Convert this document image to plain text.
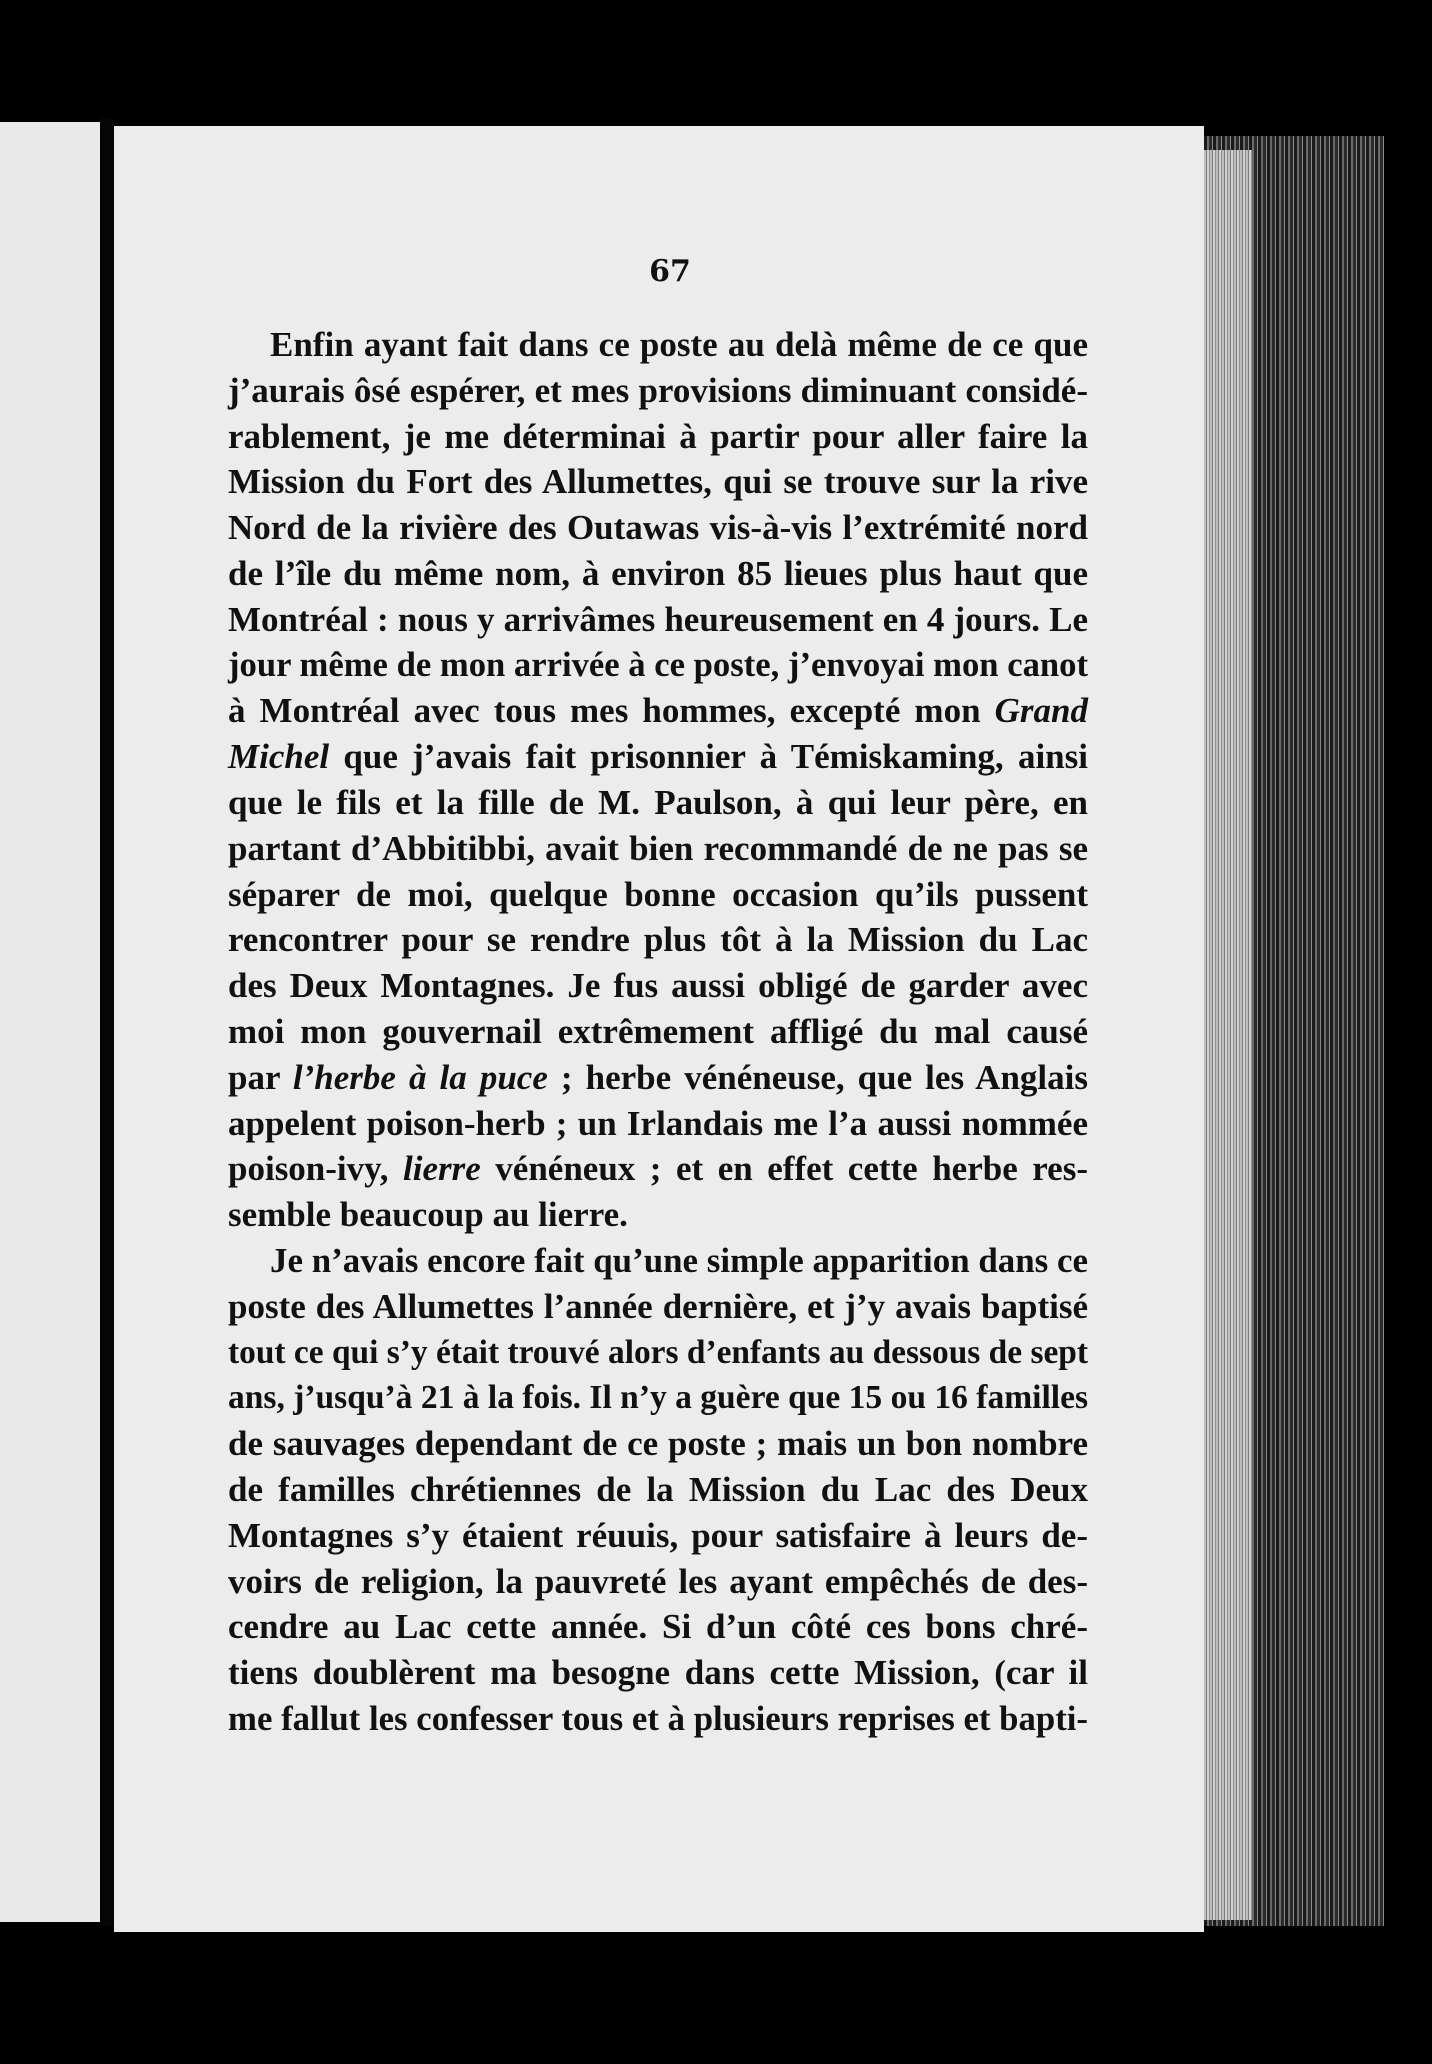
67
Enfin ayant fait dans ce poste au delà même de ce que
j’aurais ôsé espérer, et mes provisions diminuant considé-
rablement, je me déterminai à partir pour aller faire la
Mission du Fort des Allumettes, qui se trouve sur la rive
Nord de la rivière des Outawas vis-à-vis l’extrémité nord
de l’île du même nom, à environ 85 lieues plus haut que
Montréal : nous y arrivâmes heureusement en 4 jours. Le
jour même de mon arrivée à ce poste, j’envoyai mon canot
à Montréal avec tous mes hommes, excepté mon Grand
Michel que j’avais fait prisonnier à Témiskaming, ainsi
que le fils et la fille de M. Paulson, à qui leur père, en
partant d’Abbitibbi, avait bien recommandé de ne pas se
séparer de moi, quelque bonne occasion qu’ils pussent
rencontrer pour se rendre plus tôt à la Mission du Lac
des Deux Montagnes. Je fus aussi obligé de garder avec
moi mon gouvernail extrêmement affligé du mal causé
par l’herbe à la puce ; herbe vénéneuse, que les Anglais
appelent poison-herb ; un Irlandais me l’a aussi nommée
poison-ivy, lierre vénéneux ; et en effet cette herbe res-
semble beaucoup au lierre.
Je n’avais encore fait qu’une simple apparition dans ce
poste des Allumettes l’année dernière, et j’y avais baptisé
tout ce qui s’y était trouvé alors d’enfants au dessous de sept
ans, j’usqu’à 21 à la fois. Il n’y a guère que 15 ou 16 familles
de sauvages dependant de ce poste ; mais un bon nombre
de familles chrétiennes de la Mission du Lac des Deux
Montagnes s’y étaient réuuis, pour satisfaire à leurs de-
voirs de religion, la pauvreté les ayant empêchés de des-
cendre au Lac cette année. Si d’un côté ces bons chré-
tiens doublèrent ma besogne dans cette Mission, (car il
me fallut les confesser tous et à plusieurs reprises et bapti-
